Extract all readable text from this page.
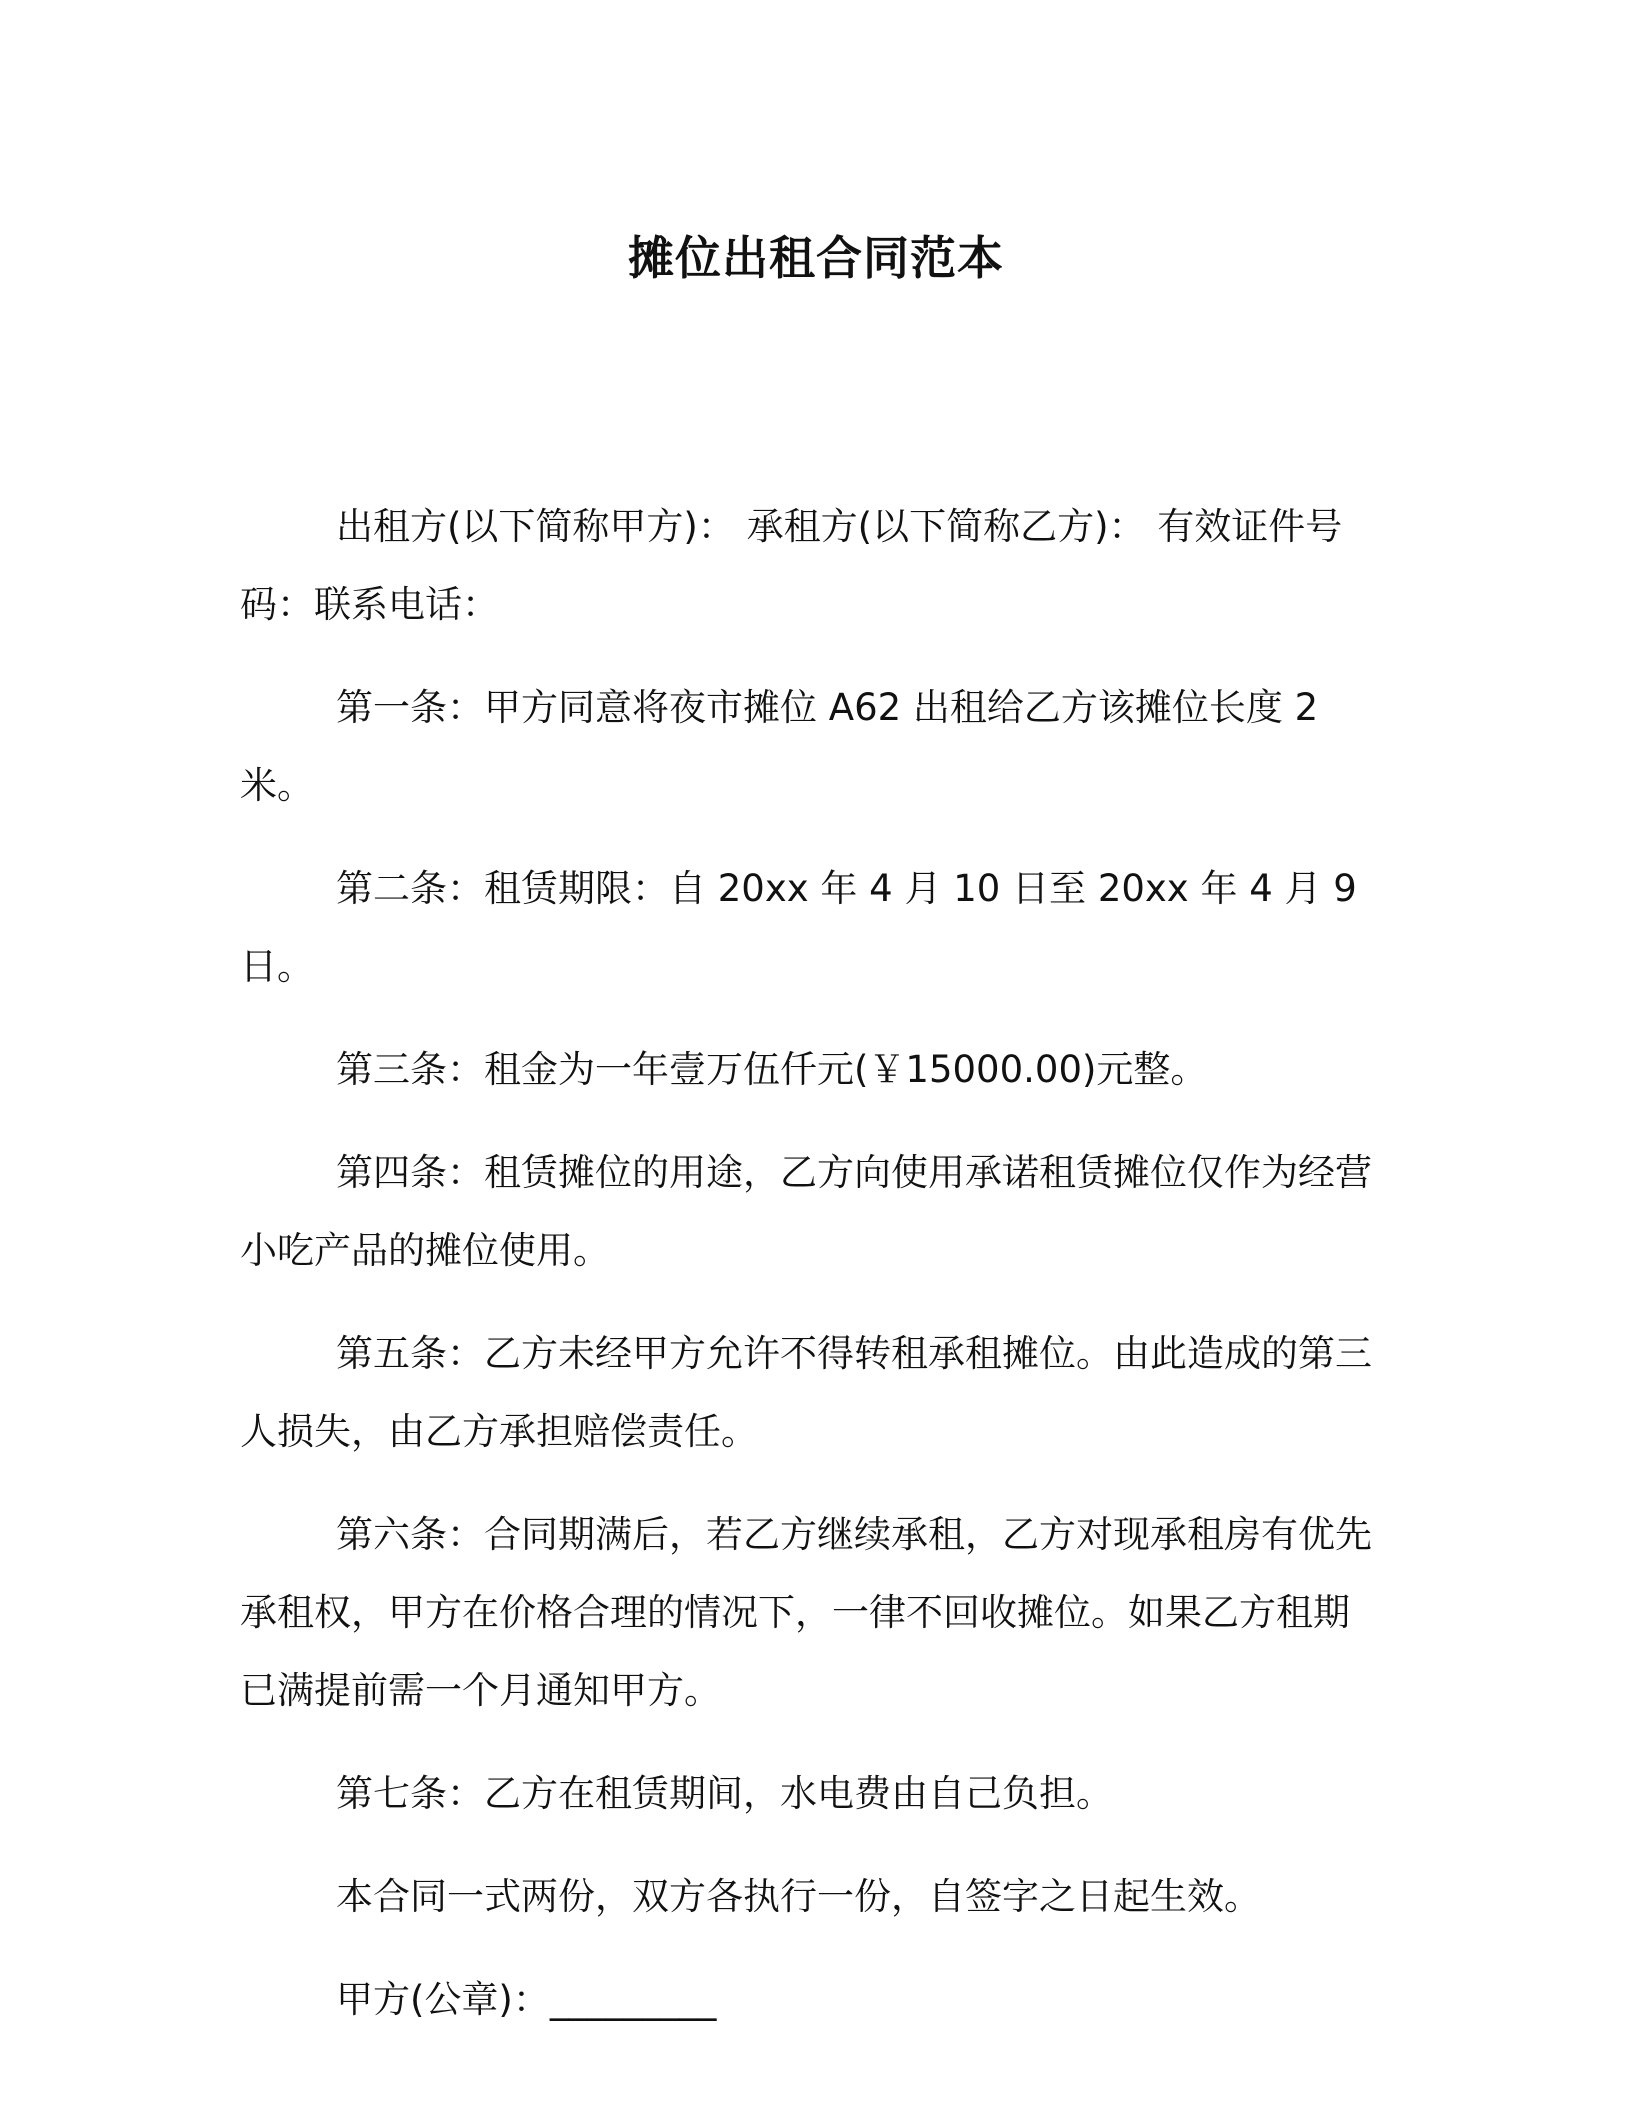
摊位出租合同范本

出租方(以下简称甲方)： 承租方(以下简称乙方)： 有效证件号码：联系电话：

第一条：甲方同意将夜市摊位 A62 出租给乙方该摊位长度 2 米。

第二条：租赁期限：自 20xx 年 4 月 10 日至 20xx 年 4 月 9 日。

第三条：租金为一年壹万伍仟元(￥15000.00)元整。

第四条：租赁摊位的用途，乙方向使用承诺租赁摊位仅作为经营小吃产品的摊位使用。

第五条：乙方未经甲方允许不得转租承租摊位。由此造成的第三人损失，由乙方承担赔偿责任。

第六条：合同期满后，若乙方继续承租，乙方对现承租房有优先承租权，甲方在价格合理的情况下，一律不回收摊位。如果乙方租期已满提前需一个月通知甲方。

第七条：乙方在租赁期间，水电费由自己负担。

本合同一式两份，双方各执行一份，自签字之日起生效。

甲方(公章)：_________
